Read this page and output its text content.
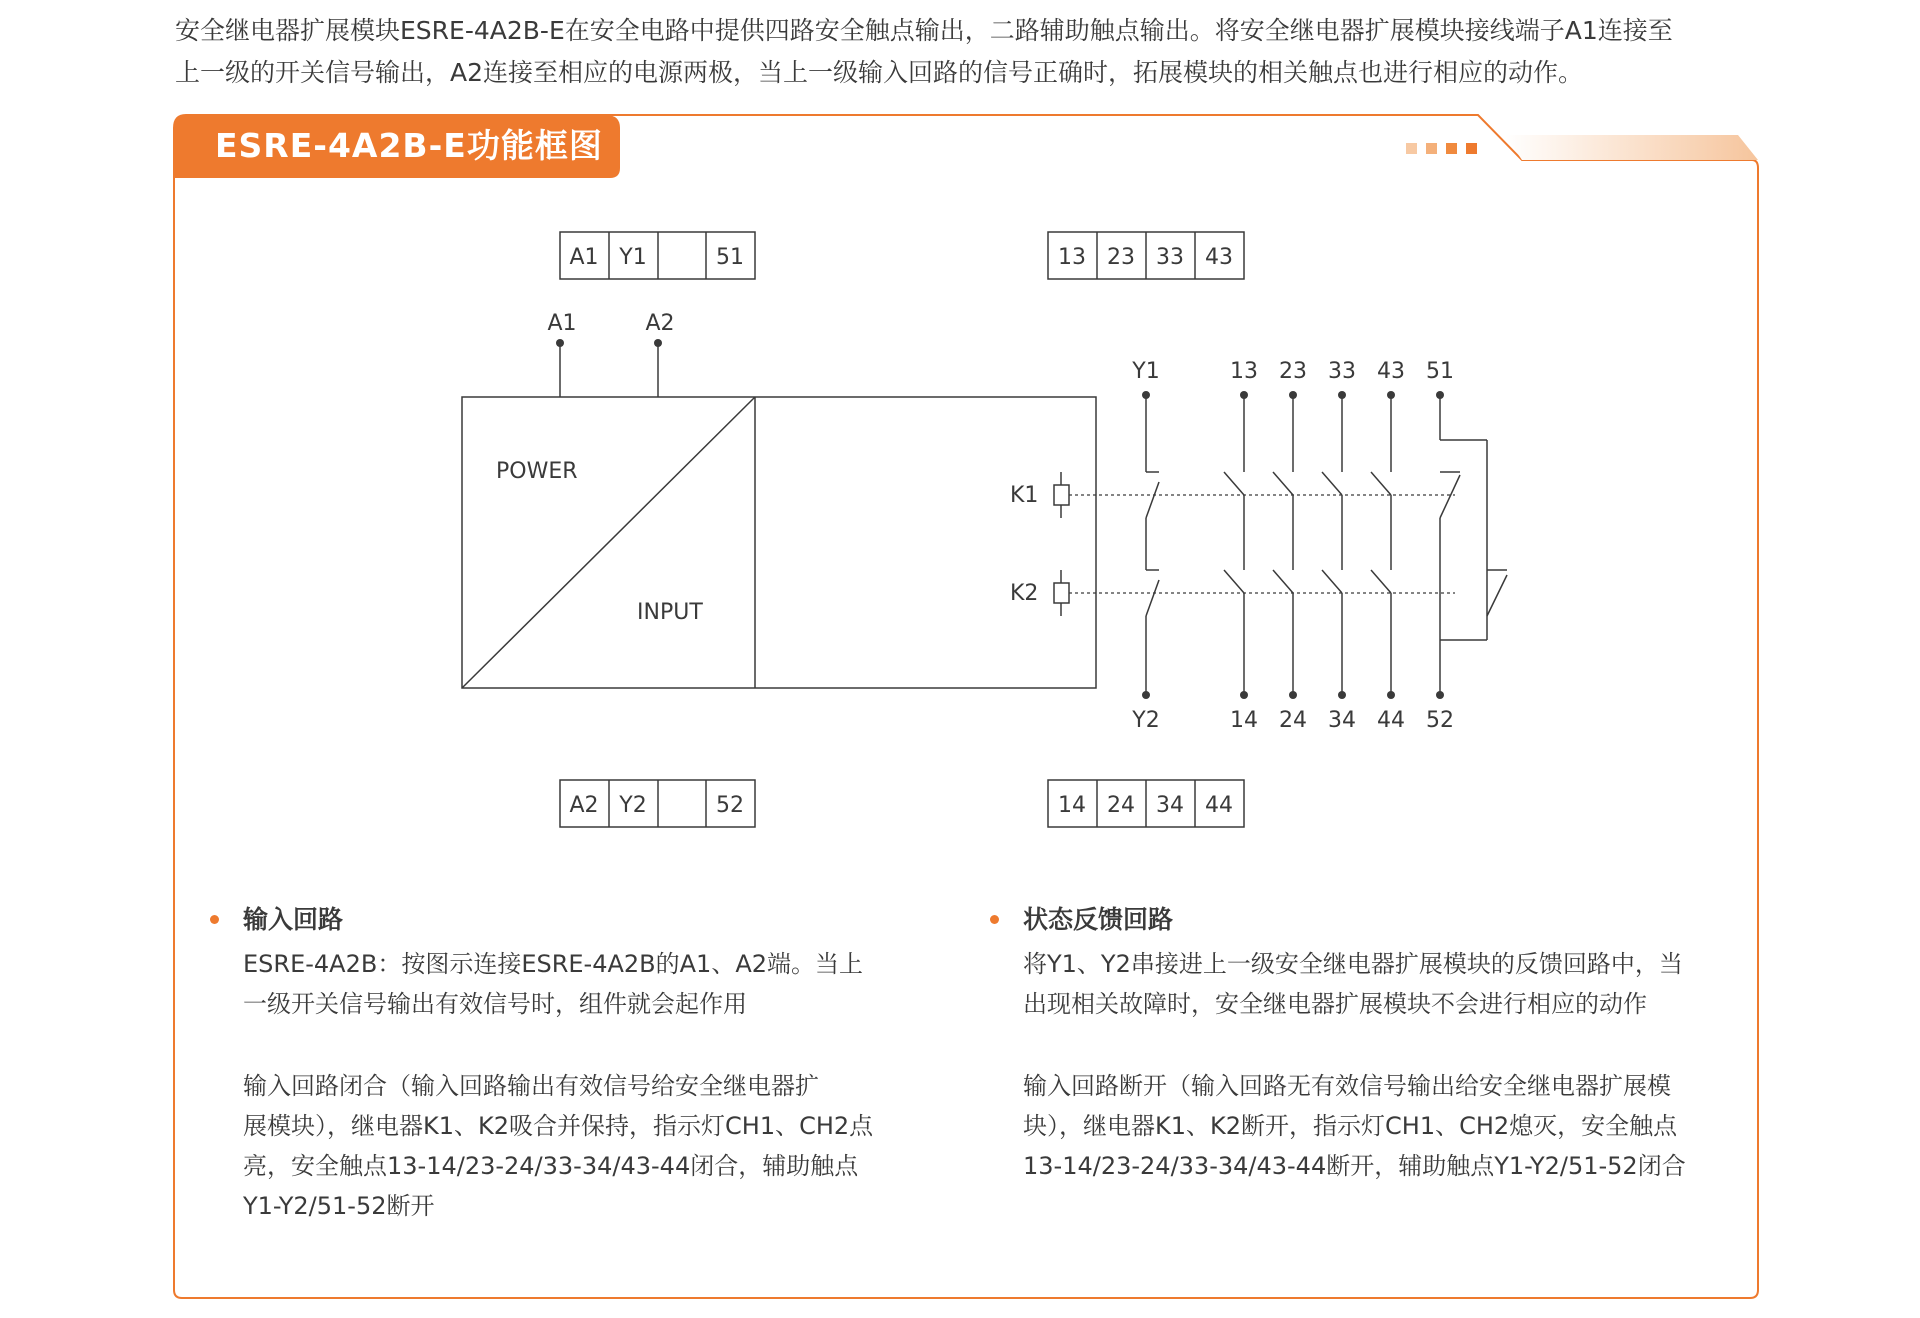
安全继电器扩展模块ESRE-4A2B-E在安全电路中提供四路安全触点输出，二路辅助触点输出。将安全继电器扩展模块接线端子A1连接至

上一级的开关信号输出，A2连接至相应的电源两极，当上一级输入回路的信号正确时，拓展模块的相关触点也进行相应的动作。

ESRE-4A2B-E功能框图
A1 Y1	51	13 23 33 43
A2 Y2	52	14 24 34 44
A1	A2
Y1	13 23 33 43 51
Y2	14 24 34 44 52
POWER
INPUT
K1
K2
输入回路
ESRE-4A2B：按图示连接ESRE-4A2B的A1、A2端。当上
一级开关信号输出有效信号时，组件就会起作用
输入回路闭合（输入回路输出有效信号给安全继电器扩
展模块），继电器K1、K2吸合并保持，指示灯CH1、CH2点
亮，安全触点13-14/23-24/33-34/43-44闭合，辅助触点
Y1-Y2/51-52断开
状态反馈回路
将Y1、Y2串接进上一级安全继电器扩展模块的反馈回路中，当
出现相关故障时，安全继电器扩展模块不会进行相应的动作
输入回路断开（输入回路无有效信号输出给安全继电器扩展模
块），继电器K1、K2断开，指示灯CH1、CH2熄灭，安全触点
13-14/23-24/33-34/43-44断开，辅助触点Y1-Y2/51-52闭合
